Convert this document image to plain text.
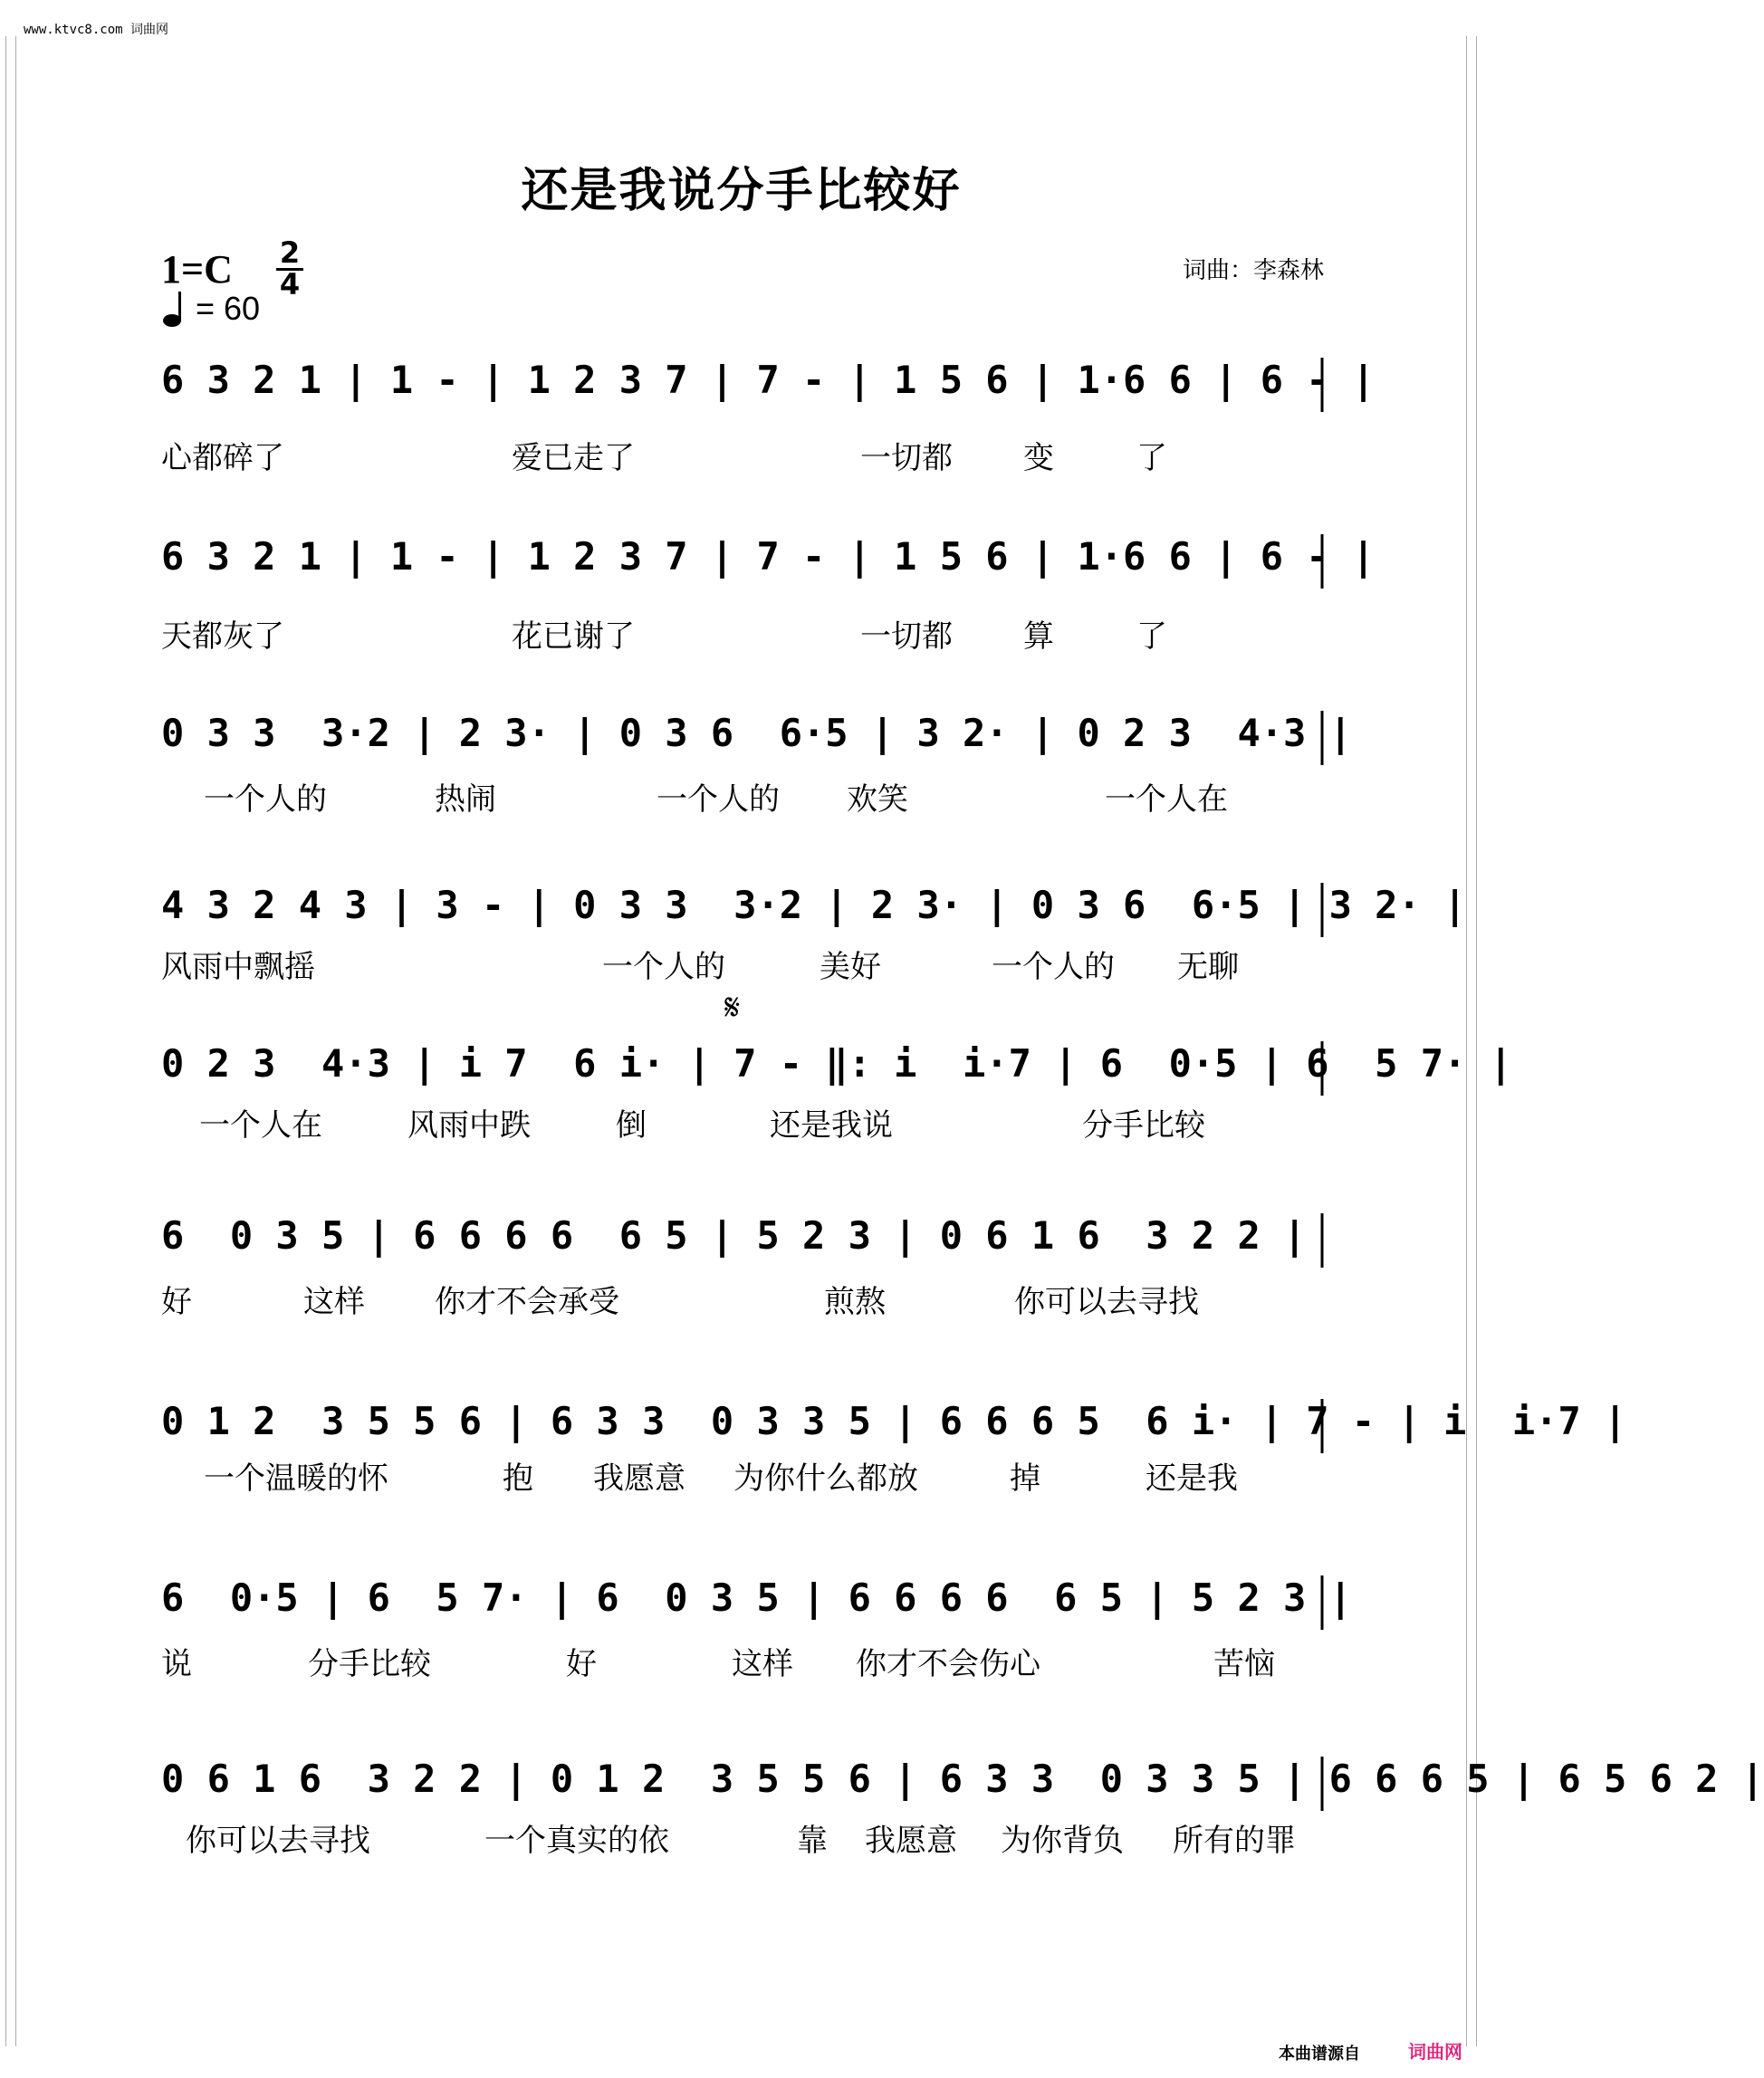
www.ktvc8.com 词曲网
还是我说分手比较好
1=C 2
4
= 60
词曲：李森林
𝄋
6 3 2 1 | 1 - | 1 2 3 7 | 7 - | 1 5 6 | 1·6 6 | 6 - |
心都碎了	爱已走了	一切都 变	了
6 3 2 1 | 1 - | 1 2 3 7 | 7 - | 1 5 6 | 1·6 6 | 6 - |
天都灰了	花已谢了	一切都 算	了
0 3 3  3·2 | 2 3· | 0 3 6  6·5 | 3 2· | 0 2 3  4·3 |
一个人的	热闹	一个人的 欢笑	一个人在
4 3 2 4 3 | 3 - | 0 3 3  3·2 | 2 3· | 0 3 6  6·5 | 3 2· |
风雨中飘摇	一个人的	美好	一个人的 无聊
0 2 3  4·3 | i 7  6 i· | 7 - ‖: i  i·7 | 6  0·5 | 6  5 7· |
一个人在	风雨中跌	倒	还是我说	分手比较
6  0 3 5 | 6 6 6 6  6 5 | 5 2 3 | 0 6 1 6  3 2 2 |
好	这样 你才不会承受	煎熬	你可以去寻找
0 1 2  3 5 5 6 | 6 3 3  0 3 3 5 | 6 6 6 5  6 i· | 7 - | i  i·7 |
一个温暖的怀	抱 我愿意 为你什么都放	掉	还是我
6  0·5 | 6  5 7· | 6  0 3 5 | 6 6 6 6  6 5 | 5 2 3 |
说	分手比较	好	这样 你才不会伤心	苦恼
0 6 1 6  3 2 2 | 0 1 2  3 5 5 6 | 6 3 3  0 3 3 5 | 6 6 6 5 | 6 5 6 2 |
你可以去寻找	一个真实的依	靠 我愿意 为你背负 所有的罪
本曲谱源自	词曲网
